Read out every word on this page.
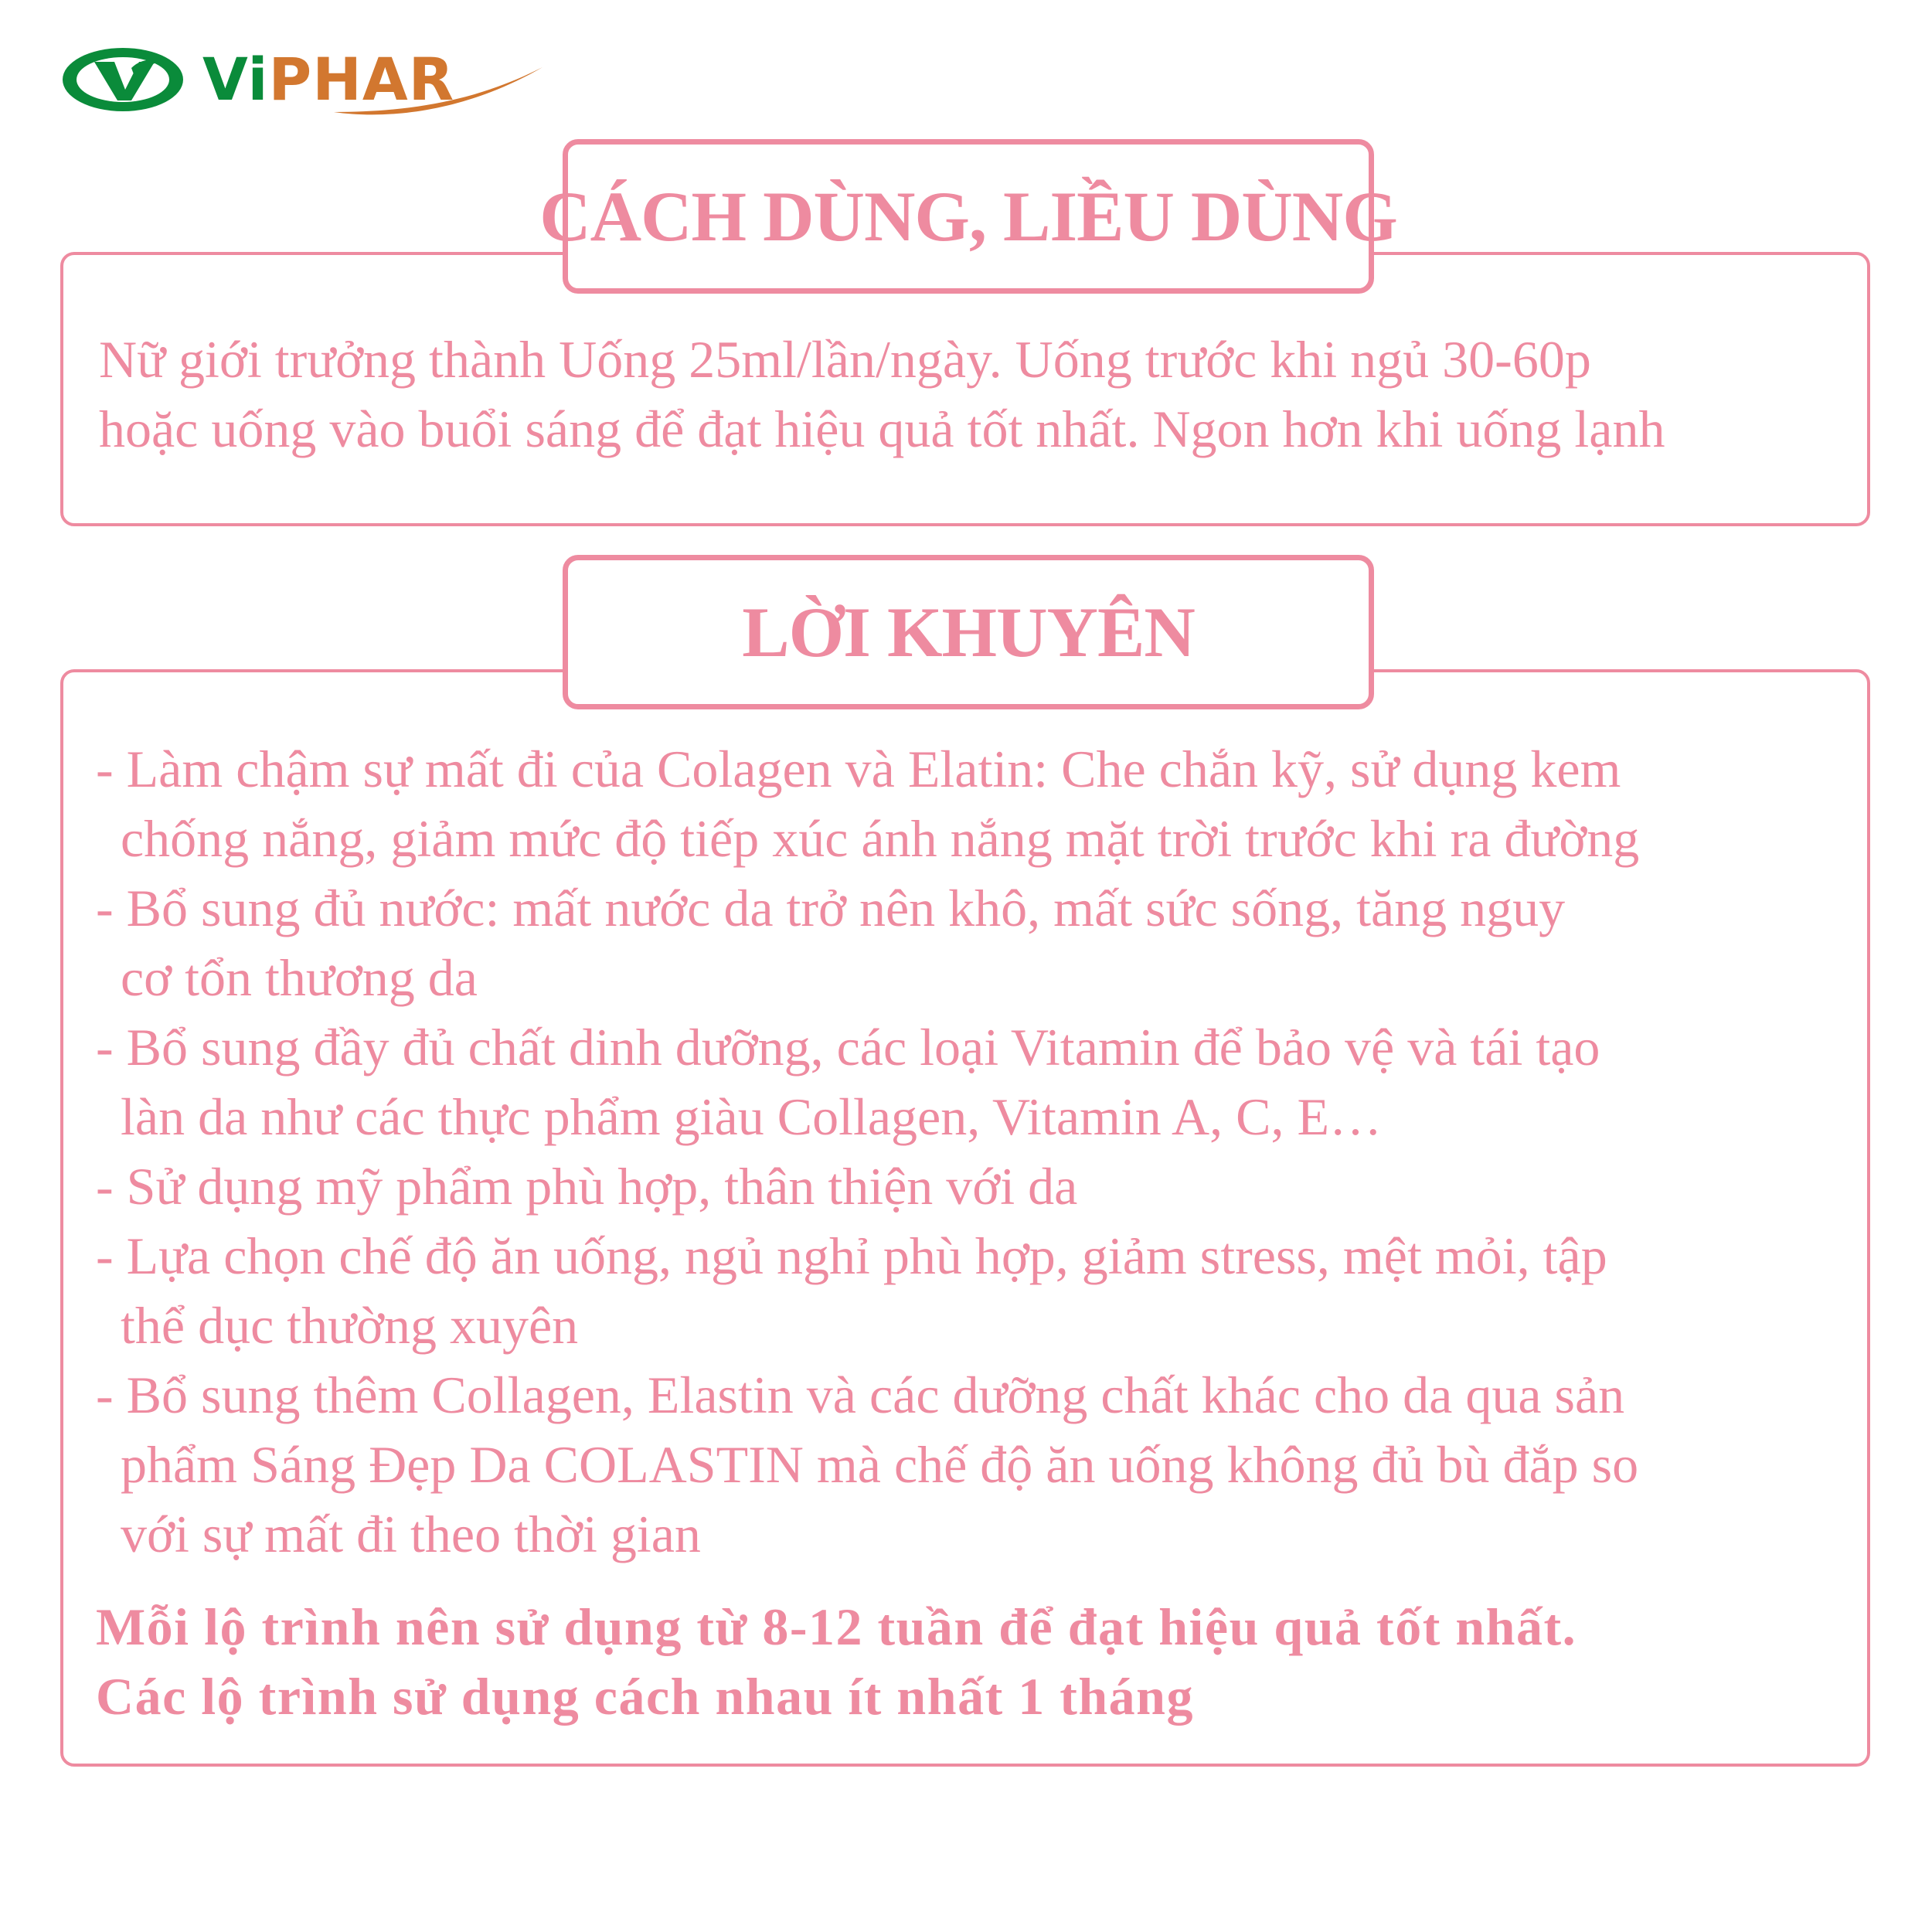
Vi PHAR
CÁCH DÙNG, LIỀU DÙNG
Nữ giới trưởng thành Uống 25ml/lần/ngày. Uống trước khi ngủ 30-60p
hoặc uống vào buổi sáng để đạt hiệu quả tốt nhất. Ngon hơn khi uống lạnh
LỜI KHUYÊN
- Làm chậm sự mất đi của Colagen và Elatin: Che chắn kỹ, sử dụng kem
chống nắng, giảm mức độ tiếp xúc ánh nắng mặt trời trước khi ra đường
- Bổ sung đủ nước: mất nước da trở nên khô, mất sức sống, tăng nguy
cơ tổn thương da
- Bổ sung đầy đủ chất dinh dưỡng, các loại Vitamin để bảo vệ và tái tạo
làn da như các thực phẩm giàu Collagen, Vitamin A, C, E…
- Sử dụng mỹ phẩm phù hợp, thân thiện với da
- Lựa chọn chế độ ăn uống, ngủ nghỉ phù hợp, giảm stress, mệt mỏi, tập
thể dục thường xuyên
- Bổ sung thêm Collagen, Elastin và các dưỡng chất khác cho da qua sản
phẩm Sáng Đẹp Da COLASTIN mà chế độ ăn uống không đủ bù đắp so
với sự mất đi theo thời gian
Mỗi lộ trình nên sử dụng từ 8-12 tuần để đạt hiệu quả tốt nhất.
Các lộ trình sử dụng cách nhau ít nhất 1 tháng
